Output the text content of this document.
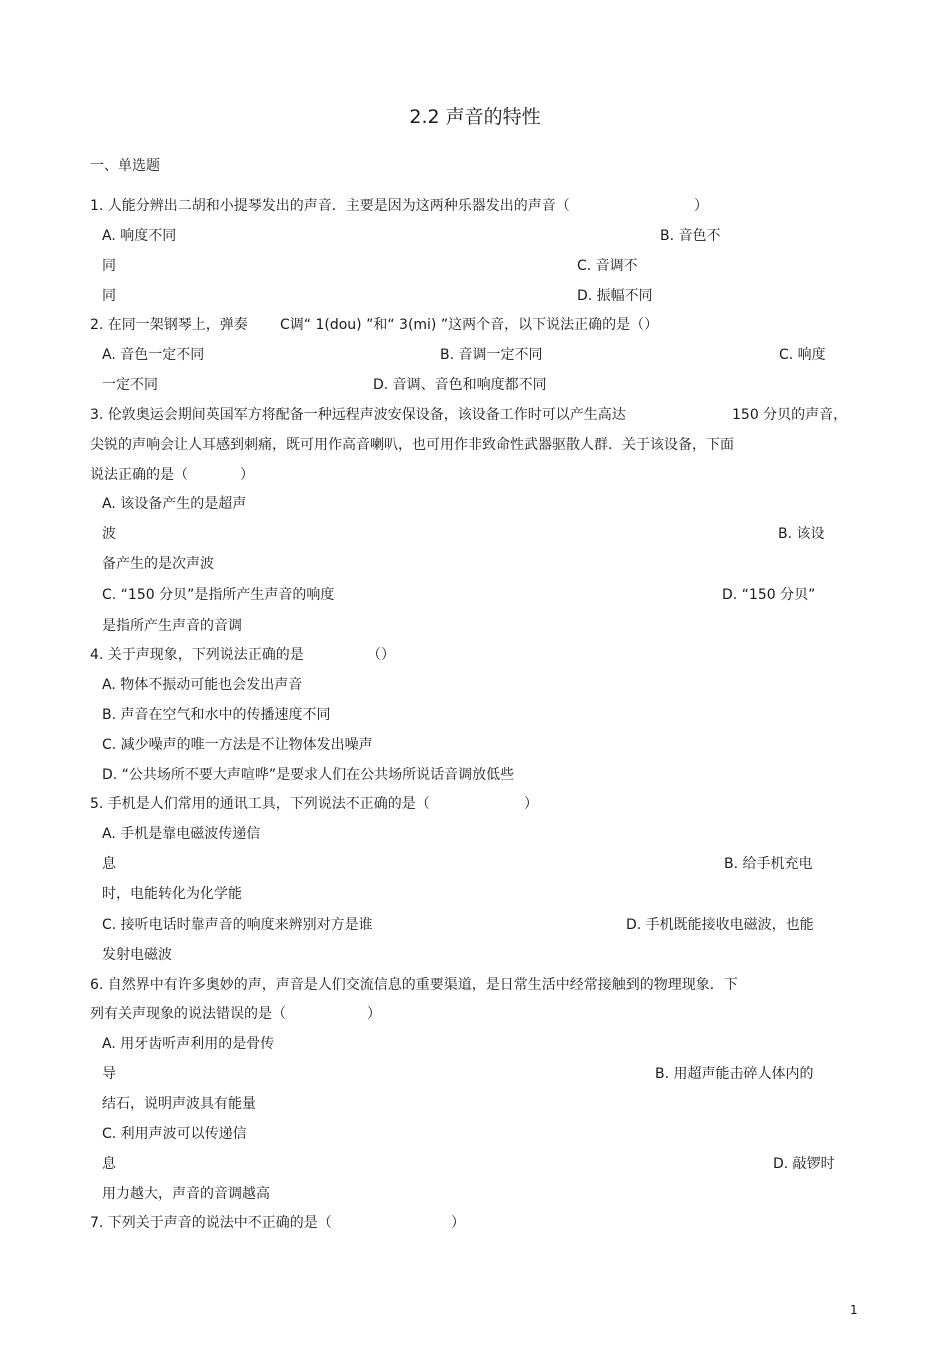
2.2 声音的特性
一、单选题
1. 人能分辨出二胡和小提琴发出的声音．主要是因为这两种乐器发出的声音（	）
A. 响度不同	B. 音色不
同	C. 音调不
同	D. 振幅不同
2. 在同一架钢琴上，弹奏 C调“ 1(dou) ”和“ 3(mi) ”这两个音，以下说法正确的是（）
A. 音色一定不同	B. 音调一定不同	C. 响度
一定不同	D. 音调、音色和响度都不同
3. 伦敦奥运会期间英国军方将配备一种远程声波安保设备，该设备工作时可以产生高达	150 分贝的声音，
尖锐的声响会让人耳感到刺痛，既可用作高音喇叭，也可用作非致命性武器驱散人群．关于该设备，下面
说法正确的是（	）
A. 该设备产生的是超声
波	B. 该设
备产生的是次声波
C. “150 分贝”是指所产生声音的响度	D. “150 分贝”
是指所产生声音的音调
4. 关于声现象，下列说法正确的是	（）
A. 物体不振动可能也会发出声音
B. 声音在空气和水中的传播速度不同
C. 减少噪声的唯一方法是不让物体发出噪声
D. “公共场所不要大声喧哗”是要求人们在公共场所说话音调放低些
5. 手机是人们常用的通讯工具，下列说法不正确的是（	）
A. 手机是靠电磁波传递信
息	B. 给手机充电
时，电能转化为化学能
C. 接听电话时靠声音的响度来辨别对方是谁	D. 手机既能接收电磁波，也能
发射电磁波
6. 自然界中有许多奥妙的声，声音是人们交流信息的重要渠道，是日常生活中经常接触到的物理现象．下
列有关声现象的说法错误的是（	）
A. 用牙齿听声利用的是骨传
导	B. 用超声能击碎人体内的
结石，说明声波具有能量
C. 利用声波可以传递信
息	D. 敲锣时
用力越大，声音的音调越高
7. 下列关于声音的说法中不正确的是（	）
1
